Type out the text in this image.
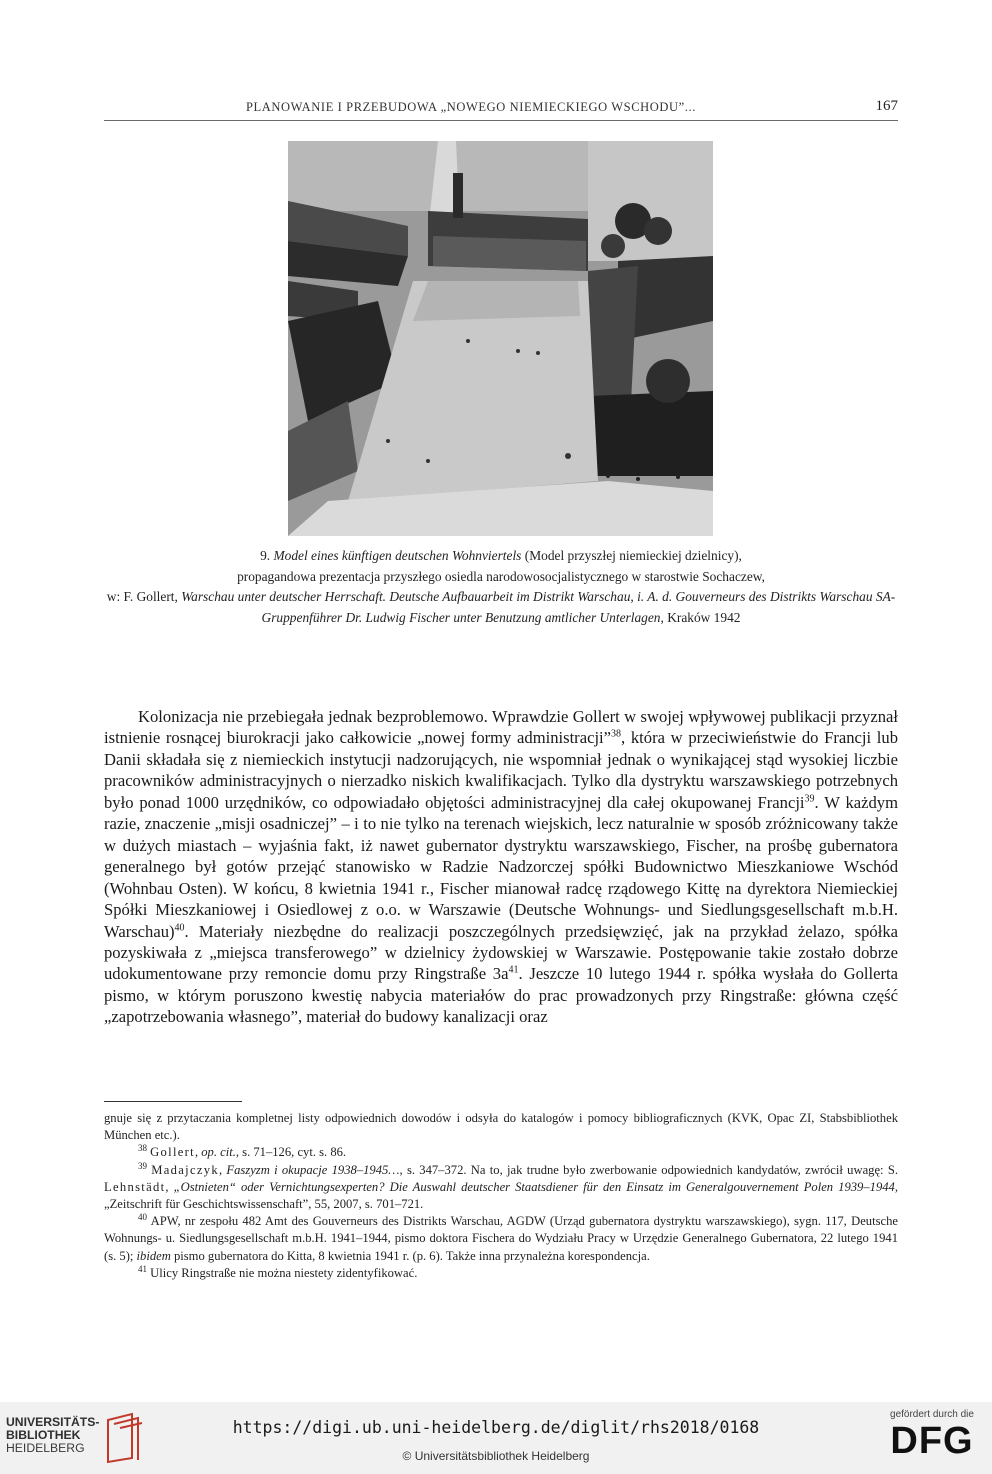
PLANOWANIE I PRZEBUDOWA „NOWEGO NIEMIECKIEGO WSCHODU”...	167

9. Model eines künftigen deutschen Wohnviertels (Model przyszłej niemieckiej dzielnicy),

propagandowa prezentacja przyszłego osiedla narodowosocjalistycznego w starostwie Sochaczew,

w: F. Gollert, Warschau unter deutscher Herrschaft. Deutsche Aufbauarbeit im Distrikt Warschau, i. A. d. Gouverneurs des Distrikts Warschau SA-Gruppenführer Dr. Ludwig Fischer unter Benutzung amtlicher Unterlagen, Kraków 1942

Kolonizacja nie przebiegała jednak bezproblemowo. Wprawdzie Gollert w swojej wpływowej publikacji przyznał istnienie rosnącej biurokracji jako całkowicie „nowej formy administracji”$^{38}$, która w przeciwieństwie do Francji lub Danii składała się z niemieckich instytucji nadzorujących, nie wspomniał jednak o wynikającej stąd wysokiej liczbie pracowników administracyjnych o nierzadko niskich kwalifikacjach. Tylko dla dystryktu warszawskiego potrzebnych było ponad 1000 urzędników, co odpowiadało objętości administracyjnej dla całej okupowanej Francji$^{39}$. W każdym razie, znaczenie „misji osadniczej” – i to nie tylko na terenach wiejskich, lecz naturalnie w sposób zróżnicowany także w dużych miastach – wyjaśnia fakt, iż nawet gubernator dystryktu warszawskiego, Fischer, na prośbę gubernatora generalnego był gotów przejąć stanowisko w Radzie Nadzorczej spółki Budownictwo Mieszkaniowe Wschód (Wohnbau Osten). W końcu, 8 kwietnia 1941 r., Fischer mianował radcę rządowego Kittę na dyrektora Niemieckiej Spółki Mieszkaniowej i Osiedlowej z o.o. w Warszawie (Deutsche Wohnungs- und Siedlungsgesellschaft m.b.H. Warschau)$^{40}$. Materiały niezbędne do realizacji poszczególnych przedsięwzięć, jak na przykład żelazo, spółka pozyskiwała z „miejsca transferowego” w dzielnicy żydowskiej w Warszawie. Postępowanie takie zostało dobrze udokumentowane przy remoncie domu przy Ringstraße $3a^{41}$. Jeszcze 10 lutego 1944 r. spółka wysłała do Gollerta pismo, w którym poruszono kwestię nabycia materiałów do prac prowadzonych przy Ringstraße: główna część „zapotrzebowania własnego”, materiał do budowy kanalizacji oraz

gnuje się z przytaczania kompletnej listy odpowiednich dowodów i odsyła do katalogów i pomocy bibliograficznych (KVK, Opac ZI, Stabsbibliothek München etc.).

$^{38}$ Gollert, op. cit., s. 71–126, cyt. s. 86.

$^{39}$ Madajczyk, Faszyzm i okupacje 1938–1945…, s. 347–372. Na to, jak trudne było zwerbowanie odpowiednich kandydatów, zwrócił uwagę: S. Lehnstädt, „Ostnieten“ oder Vernichtungsexperten? Die Auswahl deutscher Staatsdiener für den Einsatz im Generalgouvernement Polen 1939–1944, „Zeitschrift für Geschichtswissenschaft”, 55, 2007, s. 701–721.

$^{40}$ APW, nr zespołu 482 Amt des Gouverneurs des Distrikts Warschau, AGDW (Urząd gubernatora dystryktu warszawskiego), sygn. 117, Deutsche Wohnungs- u. Siedlungsgesellschaft m.b.H. 1941–1944, pismo doktora Fischera do Wydziału Pracy w Urzędzie Generalnego Gubernatora, 22 lutego 1941 (s. 5); ibidem pismo gubernatora do Kitta, 8 kwietnia 1941 r. (p. 6). Także inna przynależna korespondencja.

$^{41}$ Ulicy Ringstraße nie można niestety zidentyfikować.

UNIVERSITÄTS-
BIBLIOTHEK
HEIDELBERG
https://digi.ub.uni-heidelberg.de/diglit/rhs2018/0168
© Universitätsbibliothek Heidelberg
gefördert durch die
DFG
